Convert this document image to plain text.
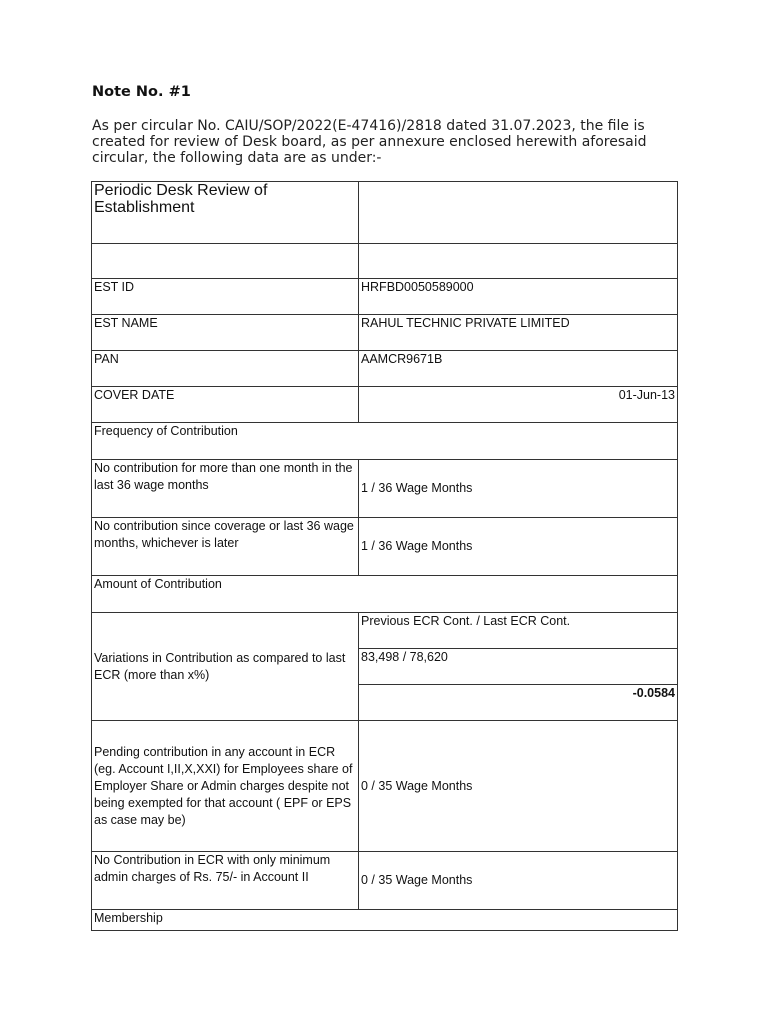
Note No. #1
As per circular No. CAIU/SOP/2022(E-47416)/2818 dated 31.07.2023, the file is created for review of Desk board, as per annexure enclosed herewith aforesaid circular, the following data are as under:-
Periodic Desk Review of Establishment	

EST ID	HRFBD0050589000
EST NAME	RAHUL TECHNIC PRIVATE LIMITED
PAN	AAMCR9671B
COVER DATE	01-Jun-13
Frequency of Contribution	
No contribution for more than one month in the last 36 wage months	1 / 36 Wage Months
No contribution since coverage or last 36 wage months, whichever is later	1 / 36 Wage Months
Amount of Contribution	
Variations in Contribution as compared to last ECR (more than x%)	Previous ECR Cont. / Last ECR Cont.
	83,498 / 78,620
	-0.0584
Pending contribution in any account in ECR (eg. Account I,II,X,XXI) for Employees share of Employer Share or Admin charges despite not being exempted for that account ( EPF or EPS as case may be)	0 / 35 Wage Months
No Contribution in ECR with only minimum admin charges of Rs. 75/- in Account II	0 / 35 Wage Months
Membership	
